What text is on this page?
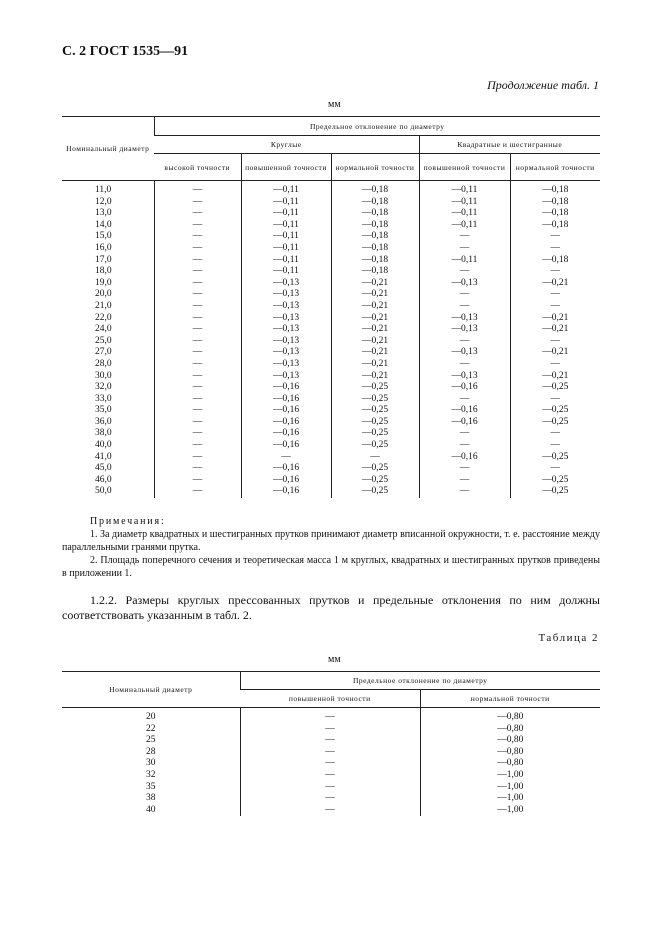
С. 2 ГОСТ 1535—91
Продолжение табл. 1
мм
Номинальный диаметр	Предельное отклонение по диаметру				
	Круглые			Квадратные и шестигранные	
	высокой точности	повышенной точности	нормальной точности	повышенной точности	нормальной точности
11,0	—	—0,11	—0,18	—0,11	—0,18
12,0	—	—0,11	—0,18	—0,11	—0,18
13,0	—	—0,11	—0,18	—0,11	—0,18
14,0	—	—0,11	—0,18	—0,11	—0,18
15,0	—	—0,11	—0,18	—	—
16,0	—	—0,11	—0,18	—	—
17,0	—	—0,11	—0,18	—0,11	—0,18
18,0	—	—0,11	—0,18	—	—
19,0	—	—0,13	—0,21	—0,13	—0,21
20,0	—	—0,13	—0,21	—	—
21,0	—	—0,13	—0,21	—	—
22,0	—	—0,13	—0,21	—0,13	—0,21
24,0	—	—0,13	—0,21	—0,13	—0,21
25,0	—	—0,13	—0,21	—	—
27,0	—	—0,13	—0,21	—0,13	—0,21
28,0	—	—0,13	—0,21	—	—
30,0	—	—0,13	—0,21	—0,13	—0,21
32,0	—	—0,16	—0,25	—0,16	—0,25
33,0	—	—0,16	—0,25	—	—
35,0	—	—0,16	—0,25	—0,16	—0,25
36,0	—	—0,16	—0,25	—0,16	—0,25
38,0	—	—0,16	—0,25	—	—
40,0	—	—0,16	—0,25	—	—
41,0	—	—	—	—0,16	—0,25
45,0	—	—0,16	—0,25	—	—
46,0	—	—0,16	—0,25	—	—0,25
50,0	—	—0,16	—0,25	—	—0,25
Примечания:

1. За диаметр квадратных и шестигранных прутков принимают диаметр вписанной окружности, т. е. расстояние между параллельными гранями прутка.

2. Площадь поперечного сечения и теоретическая масса 1 м круглых, квадратных и шестигранных прутков приведены в приложении 1.

1.2.2. Размеры круглых прессованных прутков и предельные отклонения по ним должны соответствовать указанным в табл. 2.

Таблица 2
мм
Номинальный диаметр	Предельное отклонение по диаметру	
	повышенной точности	нормальной точности
20	—	—0,80
22	—	—0,80
25	—	—0,80
28	—	—0,80
30	—	—0,80
32	—	—1,00
35	—	—1,00
38	—	—1,00
40	—	—1,00
